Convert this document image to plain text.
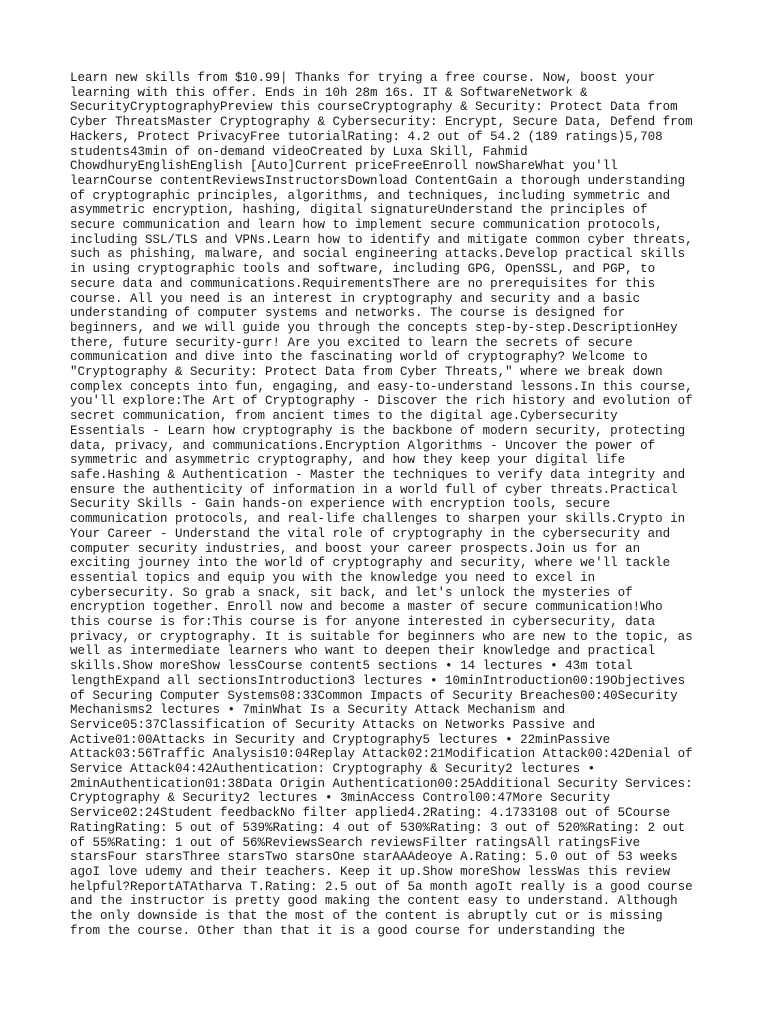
Learn new skills from $10.99| Thanks for trying a free course. Now, boost your
learning with this offer. Ends in 10h 28m 16s. IT & SoftwareNetwork &
SecurityCryptographyPreview this courseCryptography & Security: Protect Data from
Cyber ThreatsMaster Cryptography & Cybersecurity: Encrypt, Secure Data, Defend from
Hackers, Protect PrivacyFree tutorialRating: 4.2 out of 54.2 (189 ratings)5,708
students43min of on-demand videoCreated by Luxa Skill, Fahmid
ChowdhuryEnglishEnglish [Auto]Current priceFreeEnroll nowShareWhat you'll
learnCourse contentReviewsInstructorsDownload ContentGain a thorough understanding
of cryptographic principles, algorithms, and techniques, including symmetric and
asymmetric encryption, hashing, digital signatureUnderstand the principles of
secure communication and learn how to implement secure communication protocols,
including SSL/TLS and VPNs.Learn how to identify and mitigate common cyber threats,
such as phishing, malware, and social engineering attacks.Develop practical skills
in using cryptographic tools and software, including GPG, OpenSSL, and PGP, to
secure data and communications.RequirementsThere are no prerequisites for this
course. All you need is an interest in cryptography and security and a basic
understanding of computer systems and networks. The course is designed for
beginners, and we will guide you through the concepts step-by-step.DescriptionHey
there, future security-gurr! Are you excited to learn the secrets of secure
communication and dive into the fascinating world of cryptography? Welcome to
"Cryptography & Security: Protect Data from Cyber Threats," where we break down
complex concepts into fun, engaging, and easy-to-understand lessons.In this course,
you'll explore:The Art of Cryptography - Discover the rich history and evolution of
secret communication, from ancient times to the digital age.Cybersecurity
Essentials - Learn how cryptography is the backbone of modern security, protecting
data, privacy, and communications.Encryption Algorithms - Uncover the power of
symmetric and asymmetric cryptography, and how they keep your digital life
safe.Hashing & Authentication - Master the techniques to verify data integrity and
ensure the authenticity of information in a world full of cyber threats.Practical
Security Skills - Gain hands-on experience with encryption tools, secure
communication protocols, and real-life challenges to sharpen your skills.Crypto in
Your Career - Understand the vital role of cryptography in the cybersecurity and
computer security industries, and boost your career prospects.Join us for an
exciting journey into the world of cryptography and security, where we'll tackle
essential topics and equip you with the knowledge you need to excel in
cybersecurity. So grab a snack, sit back, and let's unlock the mysteries of
encryption together. Enroll now and become a master of secure communication!Who
this course is for:This course is for anyone interested in cybersecurity, data
privacy, or cryptography. It is suitable for beginners who are new to the topic, as
well as intermediate learners who want to deepen their knowledge and practical
skills.Show moreShow lessCourse content5 sections • 14 lectures • 43m total
lengthExpand all sectionsIntroduction3 lectures • 10minIntroduction00:19Objectives
of Securing Computer Systems08:33Common Impacts of Security Breaches00:40Security
Mechanisms2 lectures • 7minWhat Is a Security Attack Mechanism and
Service05:37Classification of Security Attacks on Networks Passive and
Active01:00Attacks in Security and Cryptography5 lectures • 22minPassive
Attack03:56Traffic Analysis10:04Replay Attack02:21Modification Attack00:42Denial of
Service Attack04:42Authentication: Cryptography & Security2 lectures •
2minAuthentication01:38Data Origin Authentication00:25Additional Security Services:
Cryptography & Security2 lectures • 3minAccess Control00:47More Security
Service02:24Student feedbackNo filter applied4.2Rating: 4.1733108 out of 5Course
RatingRating: 5 out of 539%Rating: 4 out of 530%Rating: 3 out of 520%Rating: 2 out
of 55%Rating: 1 out of 56%ReviewsSearch reviewsFilter ratingsAll ratingsFive
starsFour starsThree starsTwo starsOne starAAAdeoye A.Rating: 5.0 out of 53 weeks
agoI love udemy and their teachers. Keep it up.Show moreShow lessWas this review
helpful?ReportATAtharva T.Rating: 2.5 out of 5a month agoIt really is a good course
and the instructor is pretty good making the content easy to understand. Although
the only downside is that the most of the content is abruptly cut or is missing
from the course. Other than that it is a good course for understanding the
